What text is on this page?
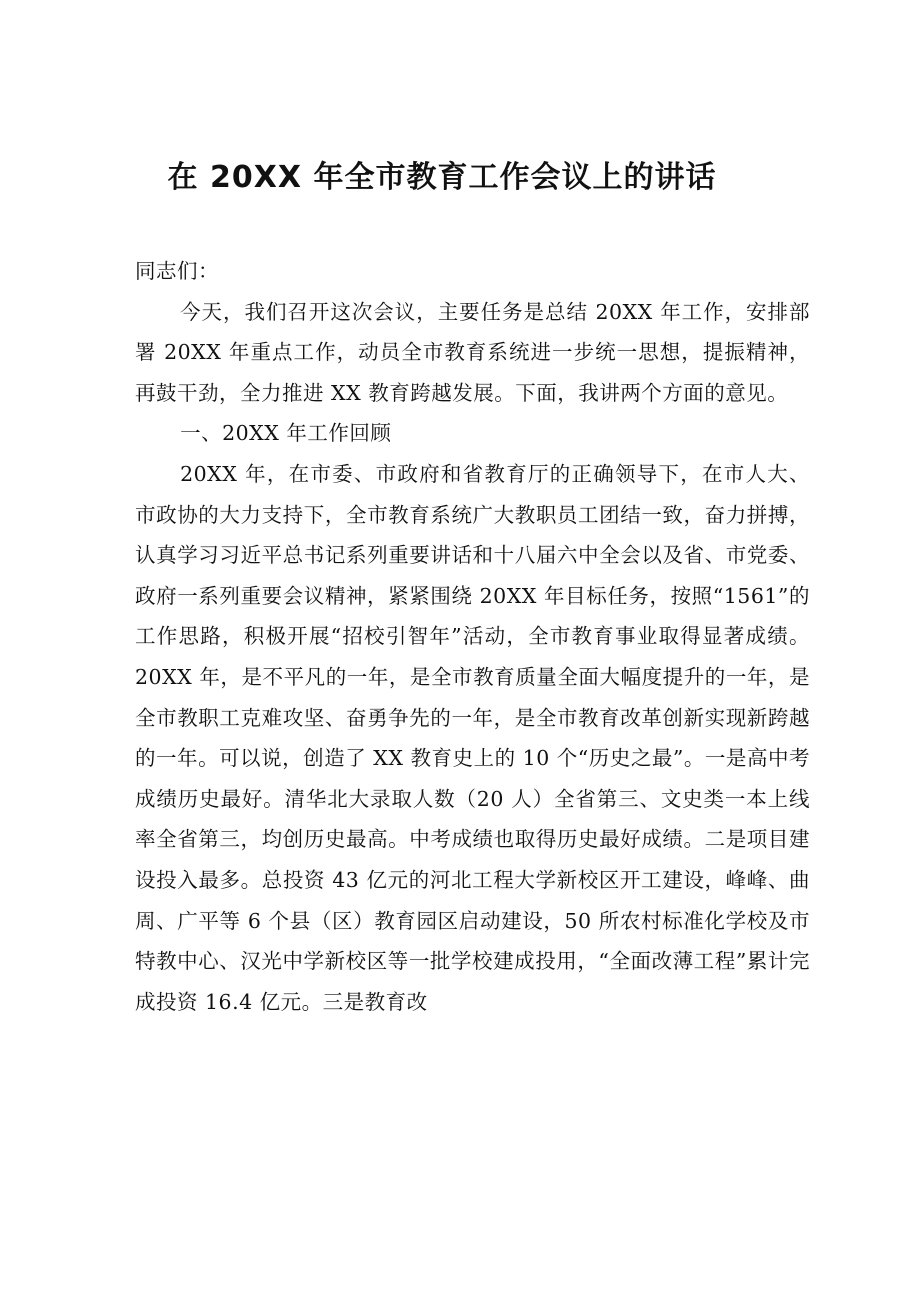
在 20XX 年全市教育工作会议上的讲话

同志们：

今天，我们召开这次会议，主要任务是总结 20XX 年工作，安排部署 20XX 年重点工作，动员全市教育系统进一步统一思想，提振精神，再鼓干劲，全力推进 XX 教育跨越发展。下面，我讲两个方面的意见。

一、20XX 年工作回顾

20XX 年，在市委、市政府和省教育厅的正确领导下，在市人大、市政协的大力支持下，全市教育系统广大教职员工团结一致，奋力拼搏，认真学习习近平总书记系列重要讲话和十八届六中全会以及省、市党委、政府一系列重要会议精神，紧紧围绕 20XX 年目标任务，按照“1561”的工作思路，积极开展“招校引智年”活动，全市教育事业取得显著成绩。20XX 年，是不平凡的一年，是全市教育质量全面大幅度提升的一年，是全市教职工克难攻坚、奋勇争先的一年，是全市教育改革创新实现新跨越的一年。可以说，创造了 XX 教育史上的 10 个“历史之最”。一是高中考成绩历史最好。清华北大录取人数（20 人）全省第三、文史类一本上线率全省第三，均创历史最高。中考成绩也取得历史最好成绩。二是项目建设投入最多。总投资 43 亿元的河北工程大学新校区开工建设，峰峰、曲周、广平等 6 个县（区）教育园区启动建设，50 所农村标准化学校及市特教中心、汉光中学新校区等一批学校建成投用，“全面改薄工程”累计完成投资 16.4 亿元。三是教育改
